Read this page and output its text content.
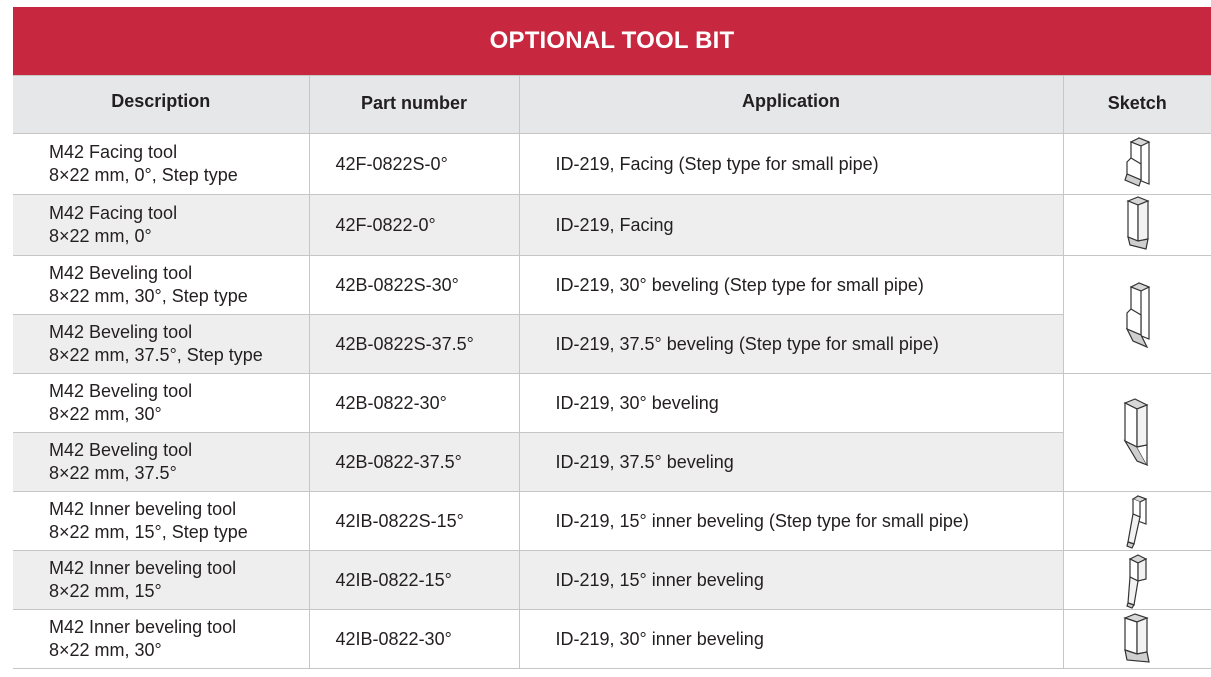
OPTIONAL TOOL BIT
Description	Part number	Application	Sketch

M42 Facing tool
8×22 mm, 0°, Step type	42F-0822S-0°	ID-219, Facing (Step type for small pipe)	

M42 Facing tool
8×22 mm, 0°	42F-0822-0°	ID-219, Facing	

M42 Beveling tool
8×22 mm, 30°, Step type	42B-0822S-30°	ID-219, 30° beveling (Step type for small pipe)	

M42 Beveling tool
8×22 mm, 37.5°, Step type	42B-0822S-37.5°	ID-219, 37.5° beveling (Step type for small pipe)	

M42 Beveling tool
8×22 mm, 30°	42B-0822-30°	ID-219, 30° beveling	

M42 Beveling tool
8×22 mm, 37.5°	42B-0822-37.5°	ID-219, 37.5° beveling	

M42 Inner beveling tool
8×22 mm, 15°, Step type	42IB-0822S-15°	ID-219, 15° inner beveling (Step type for small pipe)	

M42 Inner beveling tool
8×22 mm, 15°	42IB-0822-15°	ID-219, 15° inner beveling	

M42 Inner beveling tool
8×22 mm, 30°	42IB-0822-30°	ID-219, 30° inner beveling	
